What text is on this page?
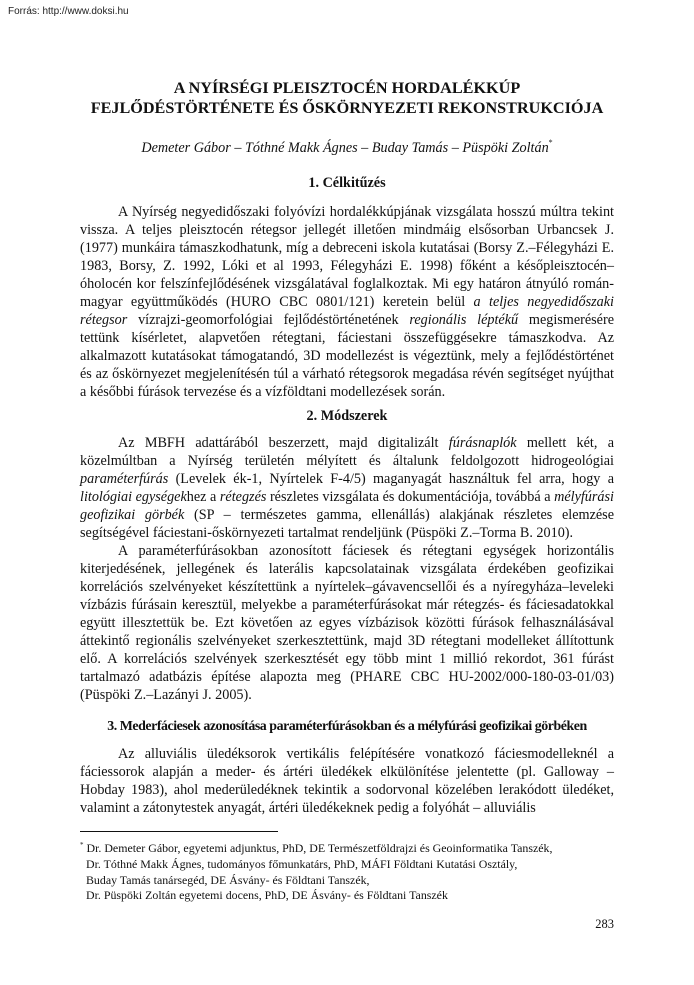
Forrás: http://www.doksi.hu
A NYÍRSÉGI PLEISZTOCÉN HORDALÉKKÚP
FEJLŐDÉSTÖRTÉNETE ÉS ŐSKÖRNYEZETI REKONSTRUKCIÓJA
Demeter Gábor – Tóthné Makk Ágnes – Buday Tamás – Püspöki Zoltán*
1. Célkitűzés

A Nyírség negyedidőszaki folyóvízi hordalékkúpjának vizsgálata hosszú múltra tekint vissza. A teljes pleisztocén rétegsor jellegét illetően mindmáig elsősorban Urbancsek J. (1977) munkáira támaszkodhatunk, míg a debreceni iskola kutatásai (Borsy Z.–Félegyházi E. 1983, Borsy, Z. 1992, Lóki et al 1993, Félegyházi E. 1998) főként a későpleisztocén–óholocén kor felszínfejlődésének vizsgálatával foglalkoztak. Mi egy határon átnyúló román-magyar együttműködés (HURO CBC 0801/121) keretein belül a teljes negyedidőszaki rétegsor vízrajzi-geomorfológiai fejlődéstörténetének regionális léptékű megismerésére tettünk kísérletet, alapvetően rétegtani, fáciestani összefüggésekre támaszkodva. Az alkalmazott kutatásokat támogatandó, 3D modellezést is végeztünk, mely a fejlődéstörténet és az őskörnyezet megjelenítésén túl a várható rétegsorok megadása révén segítséget nyújthat a későbbi fúrások tervezése és a vízföldtani modellezések során.

2. Módszerek

Az MBFH adattárából beszerzett, majd digitalizált fúrásnaplók mellett két, a közelmúltban a Nyírség területén mélyített és általunk feldolgozott hidrogeológiai paraméterfúrás (Levelek ék-1, Nyírtelek F-4/5) maganyagát használtuk fel arra, hogy a litológiai egységekhez a rétegzés részletes vizsgálata és dokumentációja, továbbá a mélyfúrási geofizikai görbék (SP – természetes gamma, ellenállás) alakjának részletes elemzése segítségével fáciestani-őskörnyezeti tartalmat rendeljünk (Püspöki Z.–Torma B. 2010).

A paraméterfúrásokban azonosított fáciesek és rétegtani egységek horizontális kiterjedésének, jellegének és laterális kapcsolatainak vizsgálata érdekében geofizikai korrelációs szelvényeket készítettünk a nyírtelek–gávavencsellői és a nyíregyháza–leveleki vízbázis fúrásain keresztül, melyekbe a paraméterfúrásokat már rétegzés- és fáciesadatokkal együtt illesztettük be. Ezt követően az egyes vízbázisok közötti fúrások felhasználásával áttekintő regionális szelvényeket szerkesztettünk, majd 3D rétegtani modelleket állítottunk elő. A korrelációs szelvények szerkesztését egy több mint 1 millió rekordot, 361 fúrást tartalmazó adatbázis építése alapozta meg (PHARE CBC HU-2002/000-180-03-01/03) (Püspöki Z.–Lazányi J. 2005).

3. Mederfáciesek azonosítása paraméterfúrásokban és a mélyfúrási geofizikai görbéken

Az alluviális üledéksorok vertikális felépítésére vonatkozó fáciesmodelleknél a fáciessorok alapján a meder- és ártéri üledékek elkülönítése jelentette (pl. Galloway – Hobday 1983), ahol mederüledéknek tekintik a sodorvonal közelében lerakódott üledéket, valamint a zátonytestek anyagát, ártéri üledékeknek pedig a folyóhát – alluviális

* Dr. Demeter Gábor, egyetemi adjunktus, PhD, DE Természetföldrajzi és Geoinformatika Tanszék,
Dr. Tóthné Makk Ágnes, tudományos főmunkatárs, PhD, MÁFI Földtani Kutatási Osztály,
Buday Tamás tanársegéd, DE Ásvány- és Földtani Tanszék,
Dr. Püspöki Zoltán egyetemi docens, PhD, DE Ásvány- és Földtani Tanszék
283
